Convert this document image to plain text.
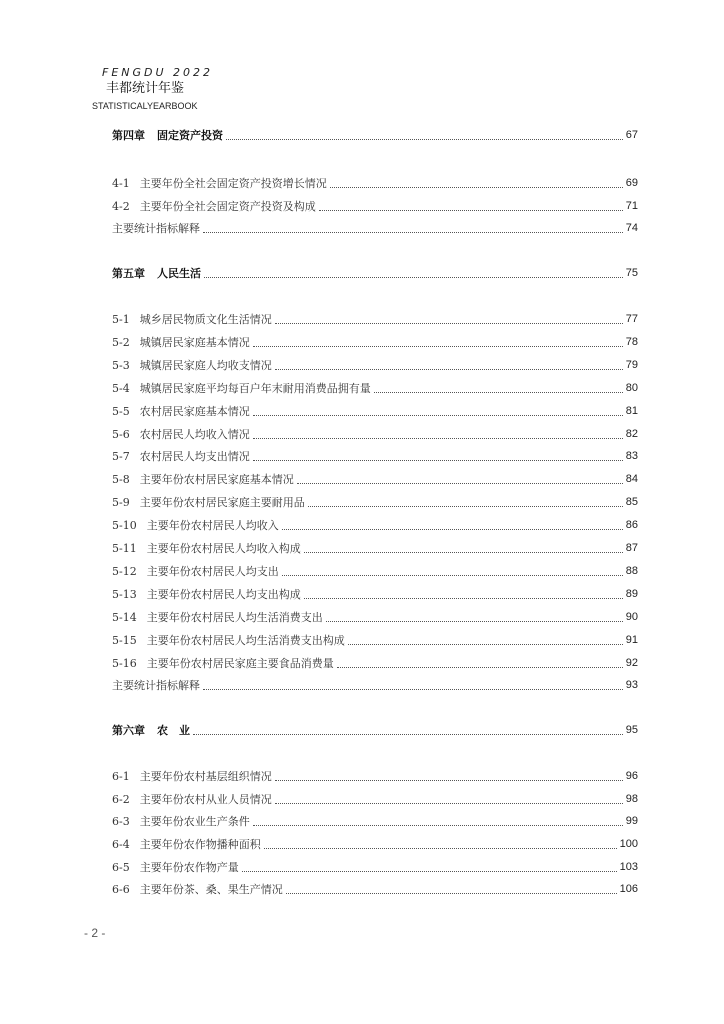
FENGDU 2022
丰都统计年鉴
STATISTICALYEARBOOK
第四章 固定资产投资	67
4-1 主要年份全社会固定资产投资增长情况	69
4-2 主要年份全社会固定资产投资及构成	71
主要统计指标解释	74
第五章 人民生活	75
5-1 城乡居民物质文化生活情况	77
5-2 城镇居民家庭基本情况	78
5-3 城镇居民家庭人均收支情况	79
5-4 城镇居民家庭平均每百户年末耐用消费品拥有量	80
5-5 农村居民家庭基本情况	81
5-6 农村居民人均收入情况	82
5-7 农村居民人均支出情况	83
5-8 主要年份农村居民家庭基本情况	84
5-9 主要年份农村居民家庭主要耐用品	85
5-10 主要年份农村居民人均收入	86
5-11 主要年份农村居民人均收入构成	87
5-12 主要年份农村居民人均支出	88
5-13 主要年份农村居民人均支出构成	89
5-14 主要年份农村居民人均生活消费支出	90
5-15 主要年份农村居民人均生活消费支出构成	91
5-16 主要年份农村居民家庭主要食品消费量	92
主要统计指标解释	93
第六章 农　业	95
6-1 主要年份农村基层组织情况	96
6-2 主要年份农村从业人员情况	98
6-3 主要年份农业生产条件	99
6-4 主要年份农作物播种面积	100
6-5 主要年份农作物产量	103
6-6 主要年份茶、桑、果生产情况	106
- 2 -
